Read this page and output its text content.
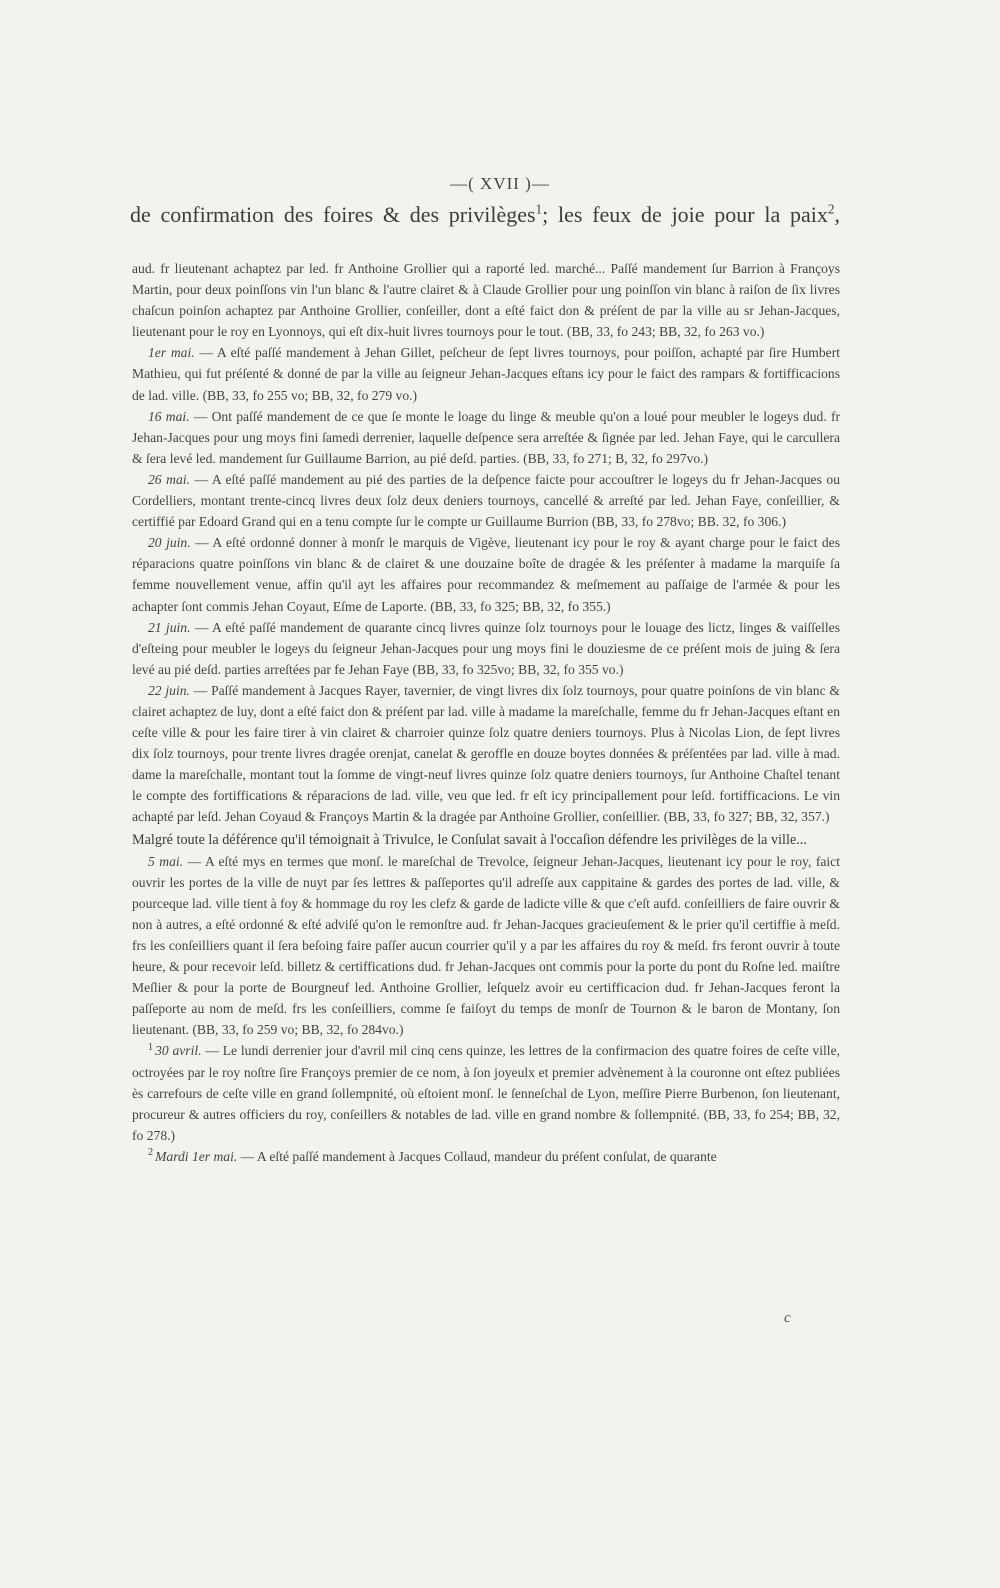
—( XVII )—
de confirmation des foires & des privilèges$^1$; les feux de joie pour la paix$^2$,

aud. fr lieutenant achaptez par led. fr Anthoine Grollier qui a raporté led. marché... Paſſé mandement ſur Barrion à Françoys Martin, pour deux poinſſons vin l'un blanc & l'autre clairet & à Claude Grollier pour ung poinſſon vin blanc à raiſon de ſix livres chaſcun poinſon achaptez par Anthoine Grollier, conſeiller, dont a eſté faict don & préſent de par la ville au sr Jehan-Jacques, lieutenant pour le roy en Lyonnoys, qui eſt dix-huit livres tournoys pour le tout. (BB, 33, fo 243; BB, 32, fo 263 vo.)

1er mai. — A eſté paſſé mandement à Jehan Gillet, peſcheur de ſept livres tournoys, pour poiſſon, achapté par ſire Humbert Mathieu, qui fut préſenté & donné de par la ville au ſeigneur Jehan-Jacques eſtans icy pour le faict des rampars & fortifficacions de lad. ville. (BB, 33, fo 255 vo; BB, 32, fo 279 vo.)

16 mai. — Ont paſſé mandement de ce que ſe monte le loage du linge & meuble qu'on a loué pour meubler le logeys dud. fr Jehan-Jacques pour ung moys fini ſamedi derrenier, laquelle deſpence sera arreſtée & ſignée par led. Jehan Faye, qui le carcullera & ſera levé led. mandement ſur Guillaume Barrion, au pié deſd. parties. (BB, 33, fo 271; B, 32, fo 297vo.)

26 mai. — A eſté paſſé mandement au pié des parties de la deſpence faicte pour accouſtrer le logeys du fr Jehan-Jacques ou Cordelliers, montant trente-cincq livres deux ſolz deux deniers tournoys, cancellé & arreſté par led. Jehan Faye, conſeillier, & certiffié par Edoard Grand qui en a tenu compte ſur le compte ur Guillaume Burrion (BB, 33, fo 278vo; BB. 32, fo 306.)

20 juin. — A eſté ordonné donner à monſr le marquis de Vigève, lieutenant icy pour le roy & ayant charge pour le faict des réparacions quatre poinſſons vin blanc & de clairet & une douzaine boîte de dragée & les préſenter à madame la marquiſe ſa femme nouvellement venue, affin qu'il ayt les affaires pour recommandez & meſmement au paſſaige de l'armée & pour les achapter ſont commis Jehan Coyaut, Eſme de Laporte. (BB, 33, fo 325; BB, 32, fo 355.)

21 juin. — A eſté paſſé mandement de quarante cincq livres quinze ſolz tournoys pour le louage des lictz, linges & vaiſſelles d'eſteing pour meubler le logeys du ſeigneur Jehan-Jacques pour ung moys fini le douziesme de ce préſent mois de juing & ſera levé au pié deſd. parties arreſtées par fe Jehan Faye (BB, 33, fo 325vo; BB, 32, fo 355 vo.)

22 juin. — Paſſé mandement à Jacques Rayer, tavernier, de vingt livres dix ſolz tournoys, pour quatre poinſons de vin blanc & clairet achaptez de luy, dont a eſté faict don & préſent par lad. ville à madame la mareſchalle, femme du fr Jehan-Jacques eſtant en ceſte ville & pour les faire tirer à vin clairet & charroier quinze ſolz quatre deniers tournoys. Plus à Nicolas Lion, de ſept livres dix ſolz tournoys, pour trente livres dragée orenjat, canelat & geroffle en douze boytes données & préſentées par lad. ville à mad. dame la mareſchalle, montant tout la ſomme de vingt-neuf livres quinze ſolz quatre deniers tournoys, ſur Anthoine Chaſtel tenant le compte des fortiffications & réparacions de lad. ville, veu que led. fr eſt icy principallement pour leſd. fortifficacions. Le vin achapté par leſd. Jehan Coyaud & Françoys Martin & la dragée par Anthoine Grollier, conſeillier. (BB, 33, fo 327; BB, 32, 357.)

Malgré toute la déférence qu'il témoignait à Trivulce, le Conſulat savait à l'occaſion défendre les privilèges de la ville...

5 mai. — A eſté mys en termes que monſ. le mareſchal de Trevolce, ſeigneur Jehan-Jacques, lieutenant icy pour le roy, faict ouvrir les portes de la ville de nuyt par ſes lettres & paſſeportes qu'il adreſſe aux cappitaine & gardes des portes de lad. ville, & pourceque lad. ville tient à foy & hommage du roy les clefz & garde de ladicte ville & que c'eſt aufd. conſeilliers de faire ouvrir & non à autres, a eſté ordonné & eſté adviſé qu'on le remonſtre aud. fr Jehan-Jacques gracieuſement & le prier qu'il certiffie à meſd. frs les conſeilliers quant il ſera beſoing faire paſſer aucun courrier qu'il y a par les affaires du roy & meſd. frs feront ouvrir à toute heure, & pour recevoir leſd. billetz & certiffications dud. fr Jehan-Jacques ont commis pour la porte du pont du Roſne led. maiſtre Meſlier & pour la porte de Bourgneuf led. Anthoine Grollier, leſquelz avoir eu certifficacion dud. fr Jehan-Jacques feront la paſſeporte au nom de meſd. frs les conſeilliers, comme ſe faiſoyt du temps de monſr de Tournon & le baron de Montany, ſon lieutenant. (BB, 33, fo 259 vo; BB, 32, fo 284vo.)

$^1$ 30 avril. — Le lundi derrenier jour d'avril mil cinq cens quinze, les lettres de la confirmacion des quatre foires de ceſte ville, octroyées par le roy noſtre ſire Françoys premier de ce nom, à ſon joyeulx et premier advènement à la couronne ont eſtez publiées ès carrefours de ceſte ville en grand ſollempnité, où eſtoient monſ. le ſenneſchal de Lyon, meſſire Pierre Burbenon, ſon lieutenant, procureur & autres officiers du roy, conſeillers & notables de lad. ville en grand nombre & ſollempnité. (BB, 33, fo 254; BB, 32, fo 278.)

$^2$ Mardi 1er mai. — A eſté paſſé mandement à Jacques Collaud, mandeur du préſent conſulat, de quarante

c
